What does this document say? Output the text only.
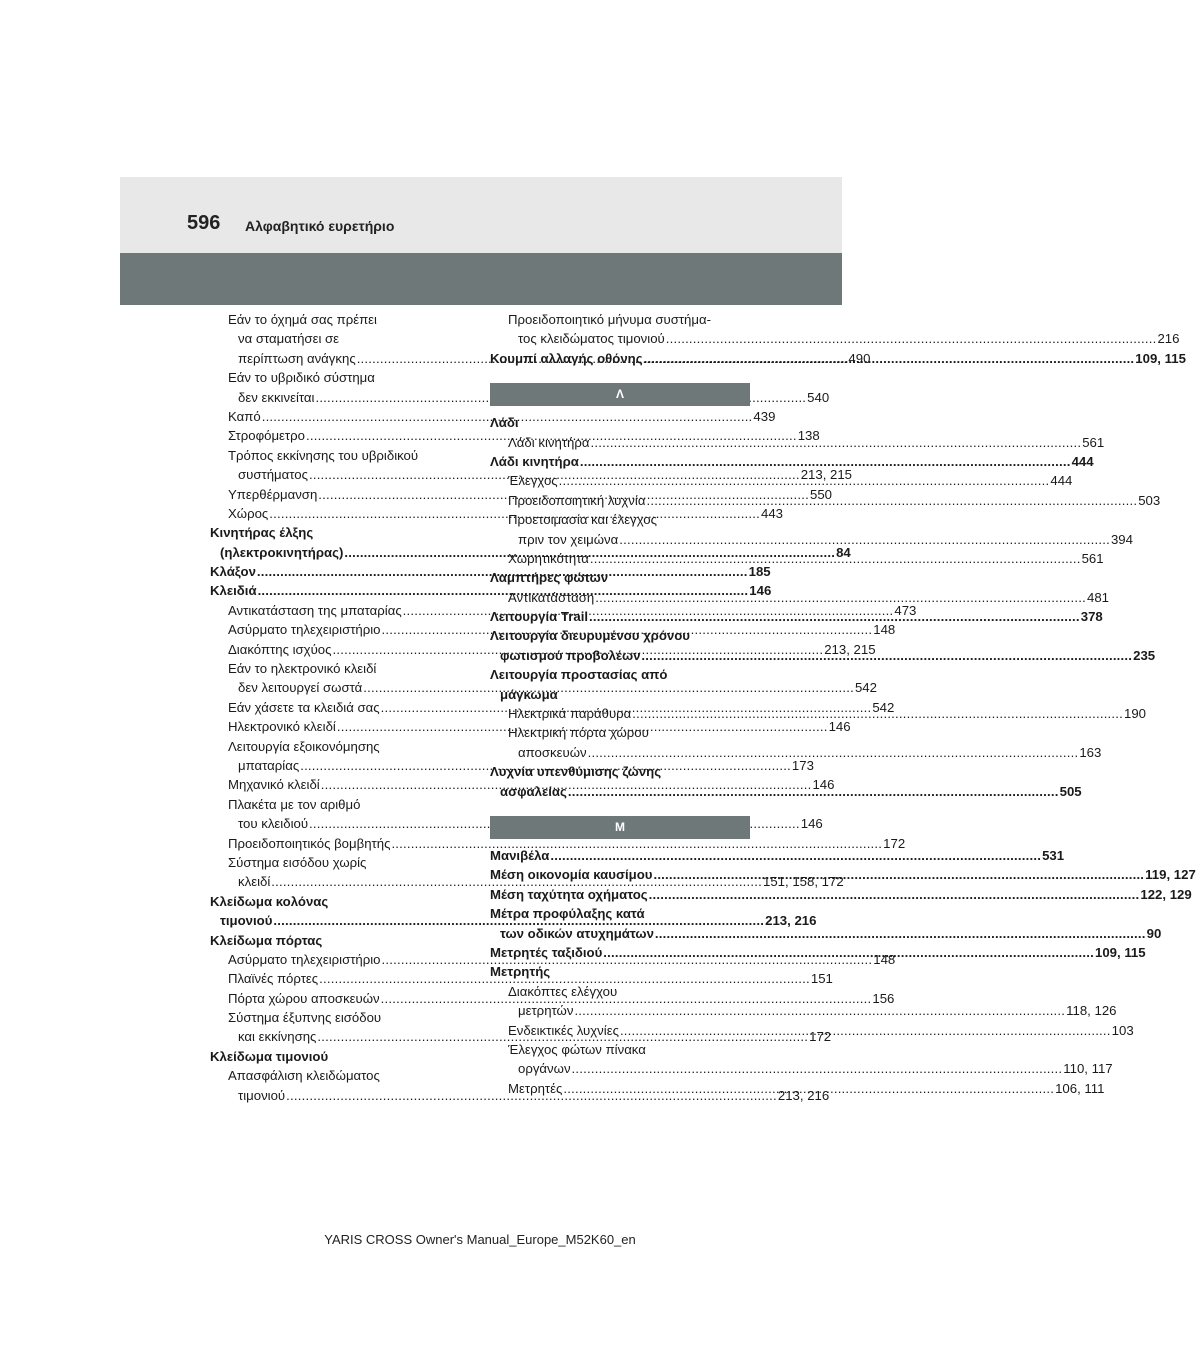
596 Αλφαβητικό ευρετήριο
Εάν το όχημά σας πρέπει
να σταματήσει σε
περίπτωση ανάγκης .....	490
Εάν το υβριδικό σύστημα
δεν εκκινείται .....	540
Καπό .....	439
Στροφόμετρο .....	138
Τρόπος εκκίνησης του υβριδικού
συστήματος .....	213, 215
Υπερθέρμανση .....	550
Χώρος .....	443
Κινητήρας έλξης
(ηλεκτροκινητήρας) .....	84
Κλάξον .....	185
Κλειδιά .....	146
Αντικατάσταση της μπαταρίας .....	473
Ασύρματο τηλεχειριστήριο .....	148
Διακόπτης ισχύος .....	213, 215
Εάν το ηλεκτρονικό κλειδί
δεν λειτουργεί σωστά .....	542
Εάν χάσετε τα κλειδιά σας .....	542
Ηλεκτρονικό κλειδί .....	146
Λειτουργία εξοικονόμησης
μπαταρίας .....	173
Μηχανικό κλειδί .....	146
Πλακέτα με τον αριθμό
του κλειδιού .....	146
Προειδοποιητικός βομβητής .....	172
Σύστημα εισόδου χωρίς
κλειδί .....	151, 158, 172
Κλείδωμα κολόνας
τιμονιού .....	213, 216
Κλείδωμα πόρτας
Ασύρματο τηλεχειριστήριο .....	148
Πλαϊνές πόρτες .....	151
Πόρτα χώρου αποσκευών .....	156
Σύστημα έξυπνης εισόδου
και εκκίνησης .....	172
Κλείδωμα τιμονιού
Απασφάλιση κλειδώματος
τιμονιού .....	213, 216
Προειδοποιητικό μήνυμα συστήμα-
τος κλειδώματος τιμονιού .....	216
Κουμπί αλλαγής οθόνης .....	109, 115
Λ
Λάδι
Λάδι κινητήρα .....	561
Λάδι κινητήρα .....	444
Έλεγχος .....	444
Προειδοποιητική λυχνία .....	503
Προετοιμασία και έλεγχος
πριν τον χειμώνα .....	394
Χωρητικότητα .....	561
Λαμπτήρες φώτων
Αντικατάσταση .....	481
Λειτουργία Trail .....	378
Λειτουργία διευρυμένου χρόνου
φωτισμού προβολέων .....	235
Λειτουργία προστασίας από
μάγκωμα
Ηλεκτρικά παράθυρα .....	190
Ηλεκτρική πόρτα χώρου
αποσκευών .....	163
Λυχνία υπενθύμισης ζώνης
ασφαλείας .....	505
Μ
Μανιβέλα .....	531
Μέση οικονομία καυσίμου .....	119, 127
Μέση ταχύτητα οχήματος .....	122, 129
Μέτρα προφύλαξης κατά
των οδικών ατυχημάτων .....	90
Μετρητές ταξιδιού .....	109, 115
Μετρητής
Διακόπτες ελέγχου
μετρητών .....	118, 126
Ενδεικτικές λυχνίες .....	103
Έλεγχος φώτων πίνακα
οργάνων .....	110, 117
Μετρητές .....	106, 111
YARIS CROSS Owner's Manual_Europe_M52K60_en
